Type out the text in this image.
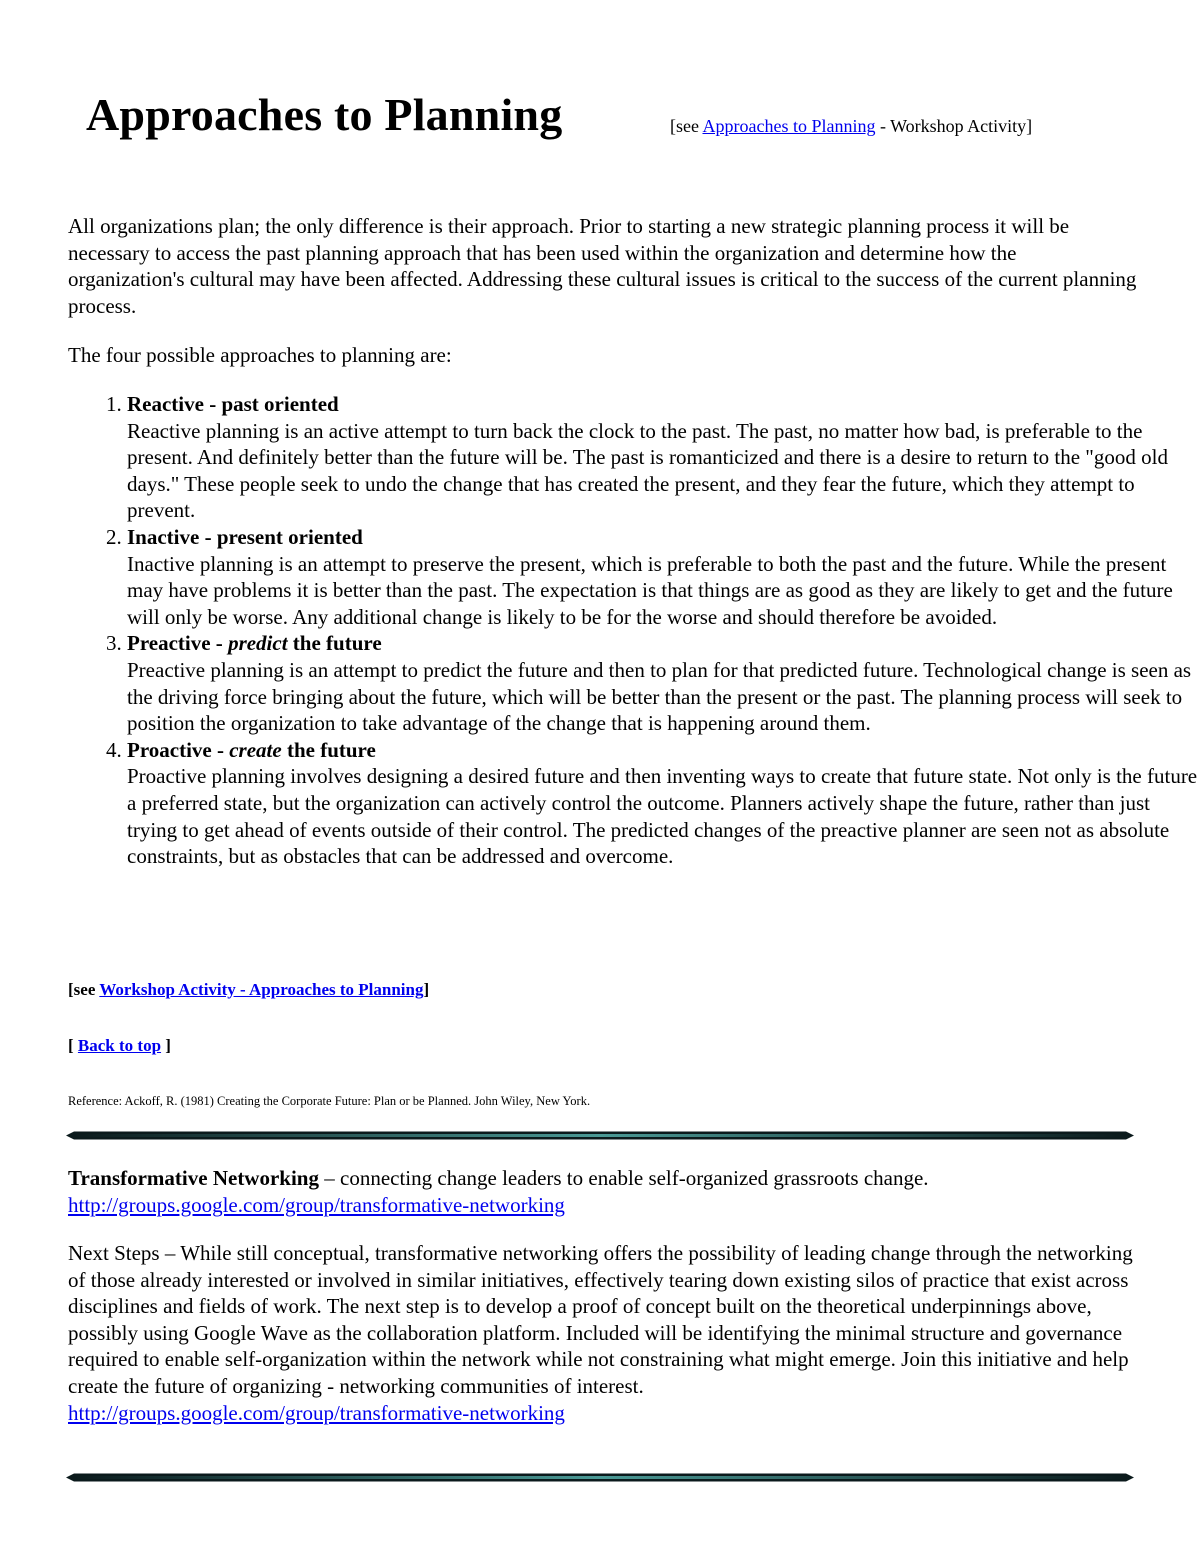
Approaches to Planning	[see Approaches to Planning - Workshop Activity]

All organizations plan; the only difference is their approach. Prior to starting a new strategic planning process it will be necessary to access the past planning approach that has been used within the organization and determine how the organization's cultural may have been affected. Addressing these cultural issues is critical to the success of the current planning process.

The four possible approaches to planning are:

1. Reactive - past oriented
Reactive planning is an active attempt to turn back the clock to the past. The past, no matter how bad, is preferable to the present. And definitely better than the future will be. The past is romanticized and there is a desire to return to the "good old days." These people seek to undo the change that has created the present, and they fear the future, which they attempt to prevent.
2. Inactive - present oriented
Inactive planning is an attempt to preserve the present, which is preferable to both the past and the future. While the present may have problems it is better than the past. The expectation is that things are as good as they are likely to get and the future will only be worse. Any additional change is likely to be for the worse and should therefore be avoided.
3. Preactive - predict the future
Preactive planning is an attempt to predict the future and then to plan for that predicted future. Technological change is seen as the driving force bringing about the future, which will be better than the present or the past. The planning process will seek to position the organization to take advantage of the change that is happening around them.
4. Proactive - create the future
Proactive planning involves designing a desired future and then inventing ways to create that future state. Not only is the future a preferred state, but the organization can actively control the outcome. Planners actively shape the future, rather than just trying to get ahead of events outside of their control. The predicted changes of the preactive planner are seen not as absolute constraints, but as obstacles that can be addressed and overcome.
[see Workshop Activity - Approaches to Planning]
[ Back to top ]
Reference: Ackoff, R. (1981) Creating the Corporate Future: Plan or be Planned. John Wiley, New York.
Transformative Networking – connecting change leaders to enable self-organized grassroots change.
http://groups.google.com/group/transformative-networking
Next Steps – While still conceptual, transformative networking offers the possibility of leading change through the networking of those already interested or involved in similar initiatives, effectively tearing down existing silos of practice that exist across disciplines and fields of work. The next step is to develop a proof of concept built on the theoretical underpinnings above, possibly using Google Wave as the collaboration platform. Included will be identifying the minimal structure and governance required to enable self-organization within the network while not constraining what might emerge. Join this initiative and help create the future of organizing - networking communities of interest.
http://groups.google.com/group/transformative-networking
